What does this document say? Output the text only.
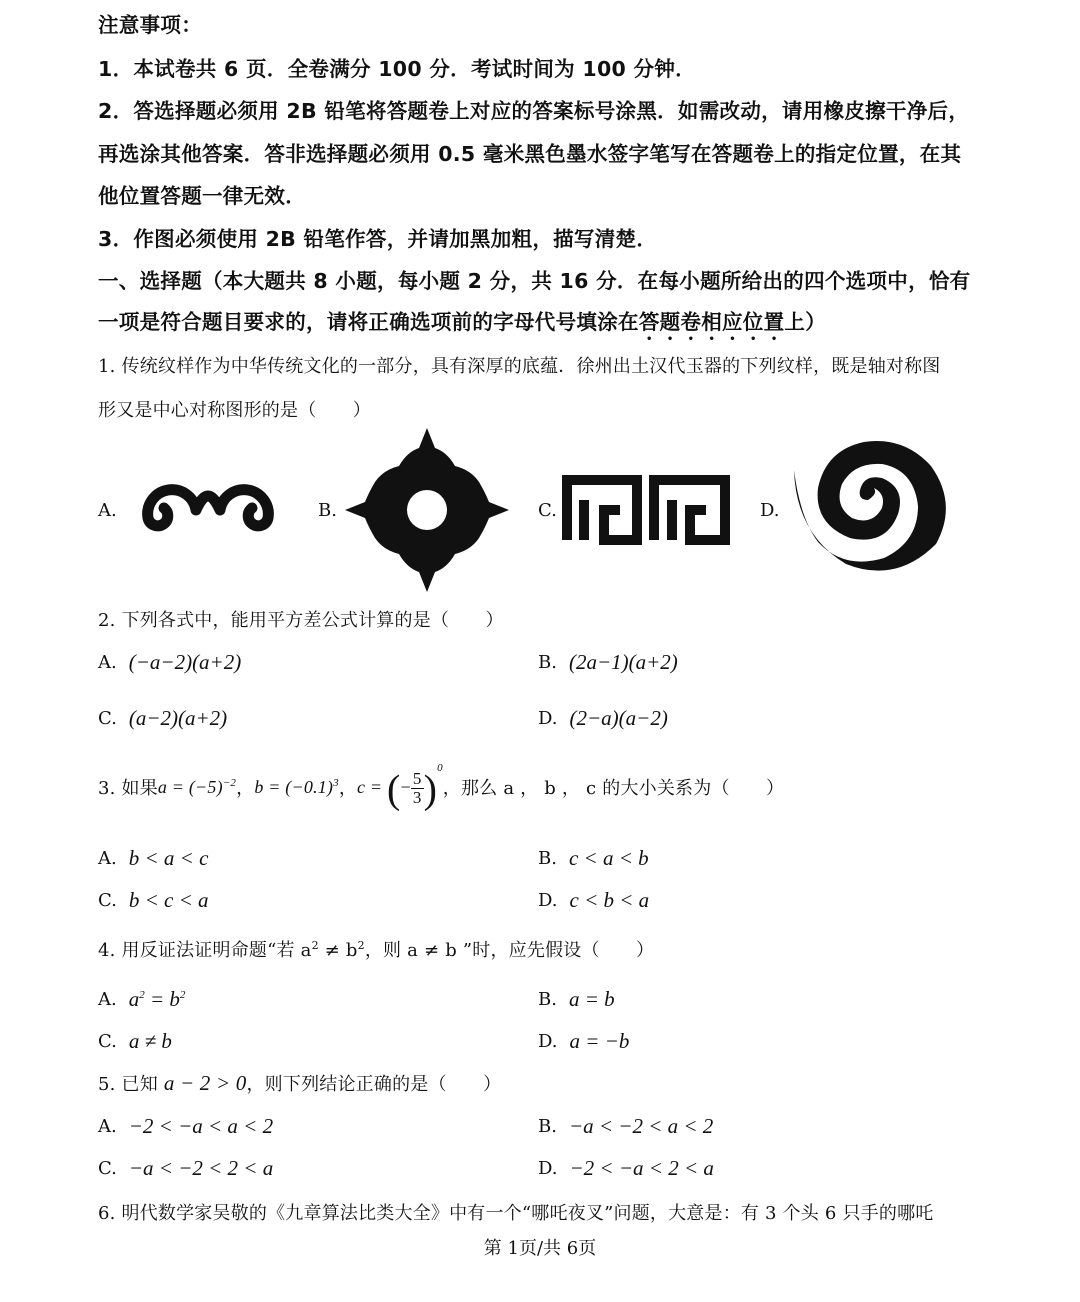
注意事项：
1．本试卷共 6 页．全卷满分 100 分．考试时间为 100 分钟．
2．答选择题必须用 2B 铅笔将答题卷上对应的答案标号涂黑．如需改动，请用橡皮擦干净后，
再选涂其他答案．答非选择题必须用 0.5 毫米黑色墨水签字笔写在答题卷上的指定位置，在其
他位置答题一律无效．
3．作图必须使用 2B 铅笔作答，并请加黑加粗，描写清楚．
一、选择题（本大题共 8 小题，每小题 2 分，共 16 分．在每小题所给出的四个选项中，恰有
一项是符合题目要求的，请将正确选项前的字母代号填涂在答题卷相应位置上）
1. 传统纹样作为中华传统文化的一部分，具有深厚的底蕴．徐州出土汉代玉器的下列纹样，既是轴对称图
形又是中心对称图形的是（　　）
A.	B.	C.	D.
2. 下列各式中，能用平方差公式计算的是（　　）
A. (−a−2)(a+2)	B. (2a−1)(a+2)
C. (a−2)(a+2)	D. (2−a)(a−2)
3. 如果 $a = (-5)^{-2}$ ， $b = (-0.1)^3$ ， c = (− $\frac{5}{3} )^0$
，那么 a ， b ， c 的大小关系为（　　）
A. b < a < c	B. c < a < b
C. b < c < a	D. c < b < a
4. 用反证法证明命题“若 $a^2 \ne b^2$，则 a ≠ b ”时，应先假设（　　）
A. $a^2 = b^2$	B. a = b
C. a ≠ b	D. a = −b
5. 已知 a − 2 > 0，则下列结论正确的是（　　）
A. −2 < −a < a < 2	B. −a < −2 < a < 2
C. −a < −2 < 2 < a	D. −2 < −a < 2 < a
6. 明代数学家吴敬的《九章算法比类大全》中有一个“哪吒夜叉”问题，大意是：有 3 个头 6 只手的哪吒
第 1页/共 6页
